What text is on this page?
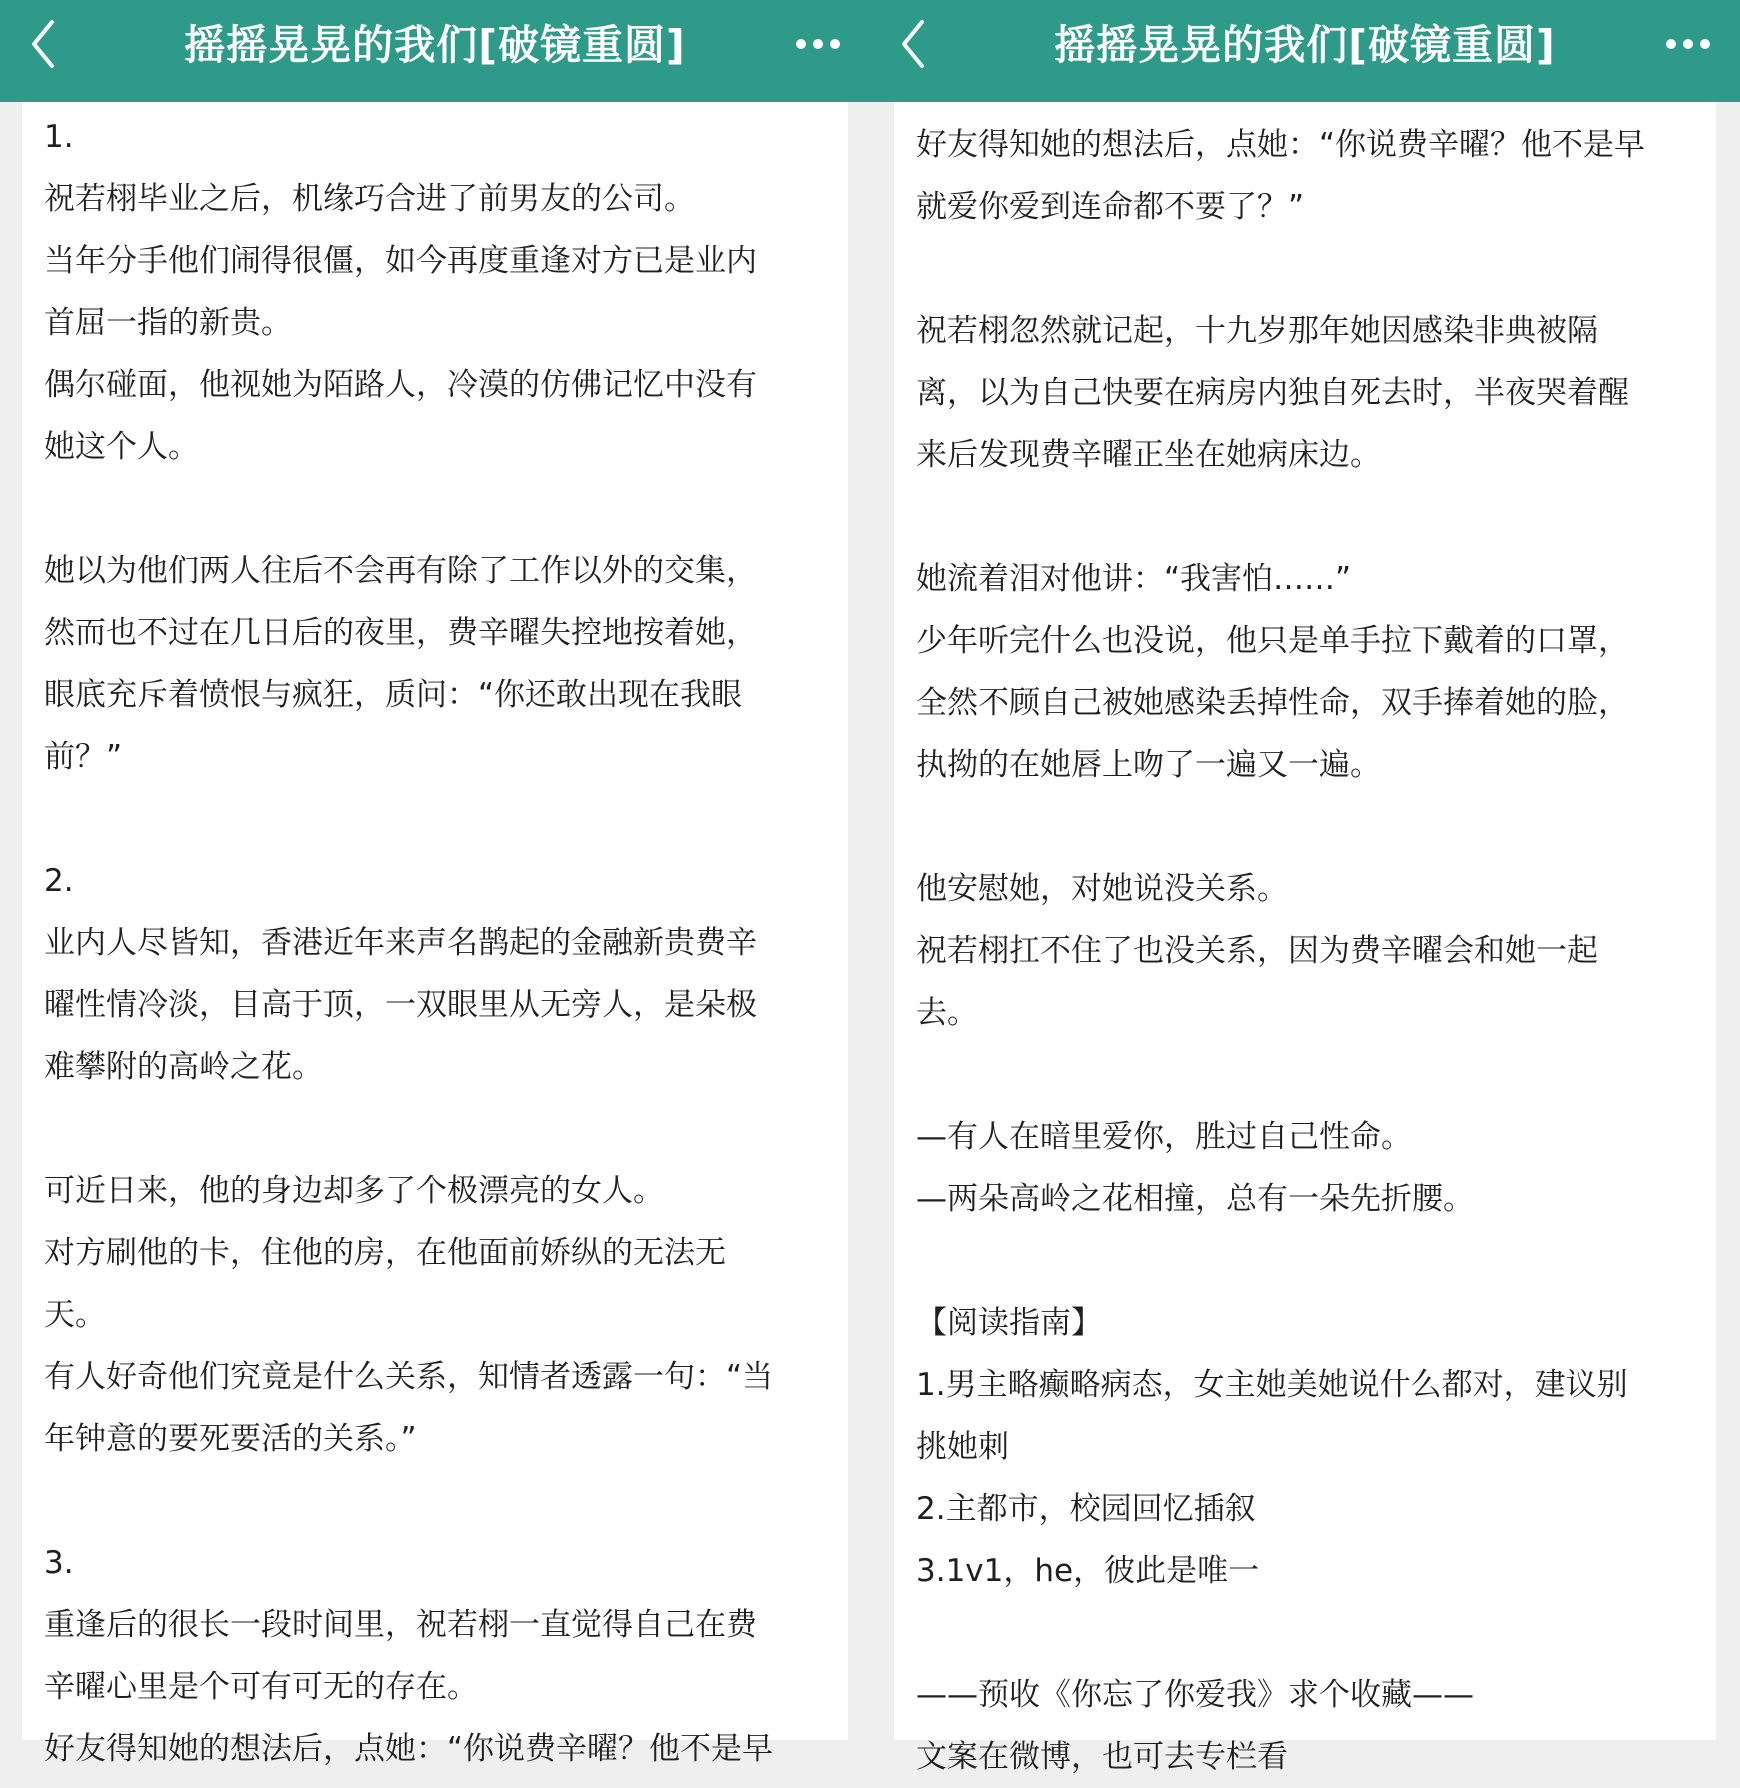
摇摇晃晃的我们[破镜重圆]
1.
祝若栩毕业之后，机缘巧合进了前男友的公司。
当年分手他们闹得很僵，如今再度重逢对方已是业内
首屈一指的新贵。
偶尔碰面，他视她为陌路人，冷漠的仿佛记忆中没有
她这个人。
她以为他们两人往后不会再有除了工作以外的交集，
然而也不过在几日后的夜里，费辛曜失控地按着她，
眼底充斥着愤恨与疯狂，质问：“你还敢出现在我眼
前？”
2.
业内人尽皆知，香港近年来声名鹊起的金融新贵费辛
曜性情冷淡，目高于顶，一双眼里从无旁人，是朵极
难攀附的高岭之花。
可近日来，他的身边却多了个极漂亮的女人。
对方刷他的卡，住他的房，在他面前娇纵的无法无
天。
有人好奇他们究竟是什么关系，知情者透露一句：“当
年钟意的要死要活的关系。”
3.
重逢后的很长一段时间里，祝若栩一直觉得自己在费
辛曜心里是个可有可无的存在。
好友得知她的想法后，点她：“你说费辛曜？他不是早
摇摇晃晃的我们[破镜重圆]
好友得知她的想法后，点她：“你说费辛曜？他不是早
就爱你爱到连命都不要了？”
祝若栩忽然就记起，十九岁那年她因感染非典被隔
离，以为自己快要在病房内独自死去时，半夜哭着醒
来后发现费辛曜正坐在她病床边。
她流着泪对他讲：“我害怕……”
少年听完什么也没说，他只是单手拉下戴着的口罩，
全然不顾自己被她感染丢掉性命，双手捧着她的脸，
执拗的在她唇上吻了一遍又一遍。
他安慰她，对她说没关系。
祝若栩扛不住了也没关系，因为费辛曜会和她一起
去。
—有人在暗里爱你，胜过自己性命。
—两朵高岭之花相撞，总有一朵先折腰。
【阅读指南】
1.男主略癫略病态，女主她美她说什么都对，建议别
挑她刺
2.主都市，校园回忆插叙
3.1v1，he，彼此是唯一
——预收《你忘了你爱我》求个收藏——
文案在微博，也可去专栏看
